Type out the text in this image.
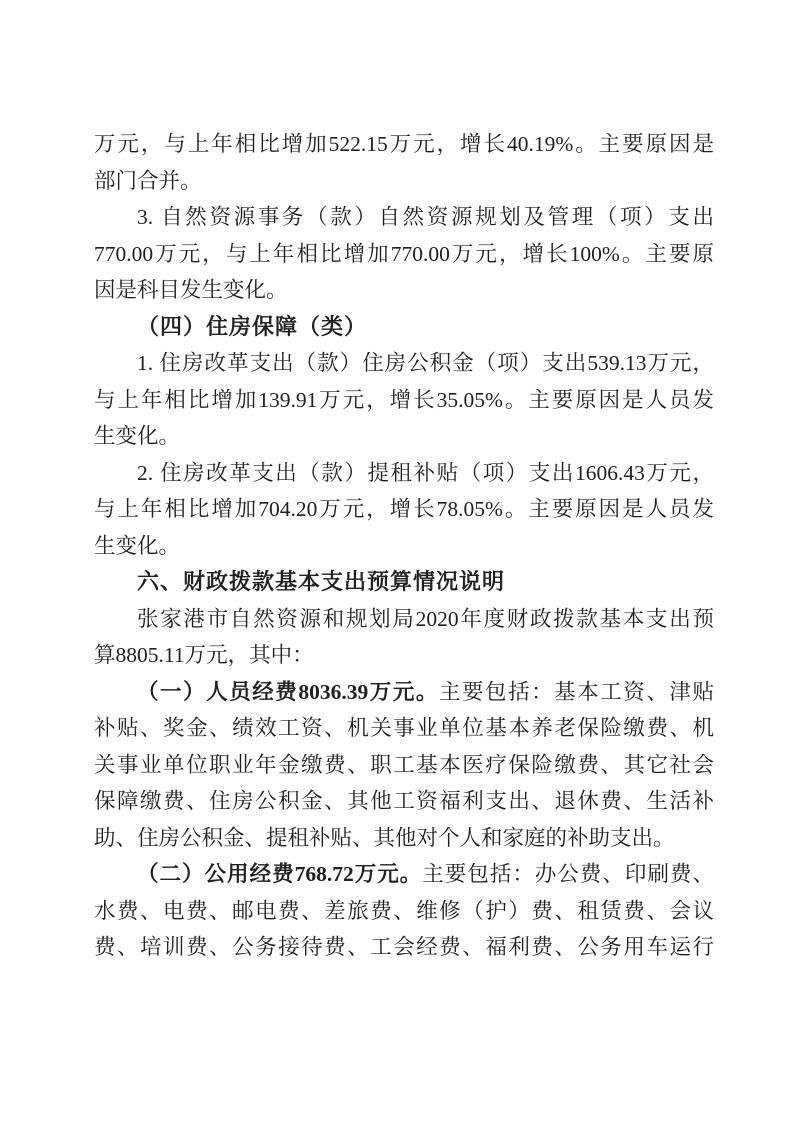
万元，与上年相比增加522.15万元，增长40.19%。主要原因是
部门合并。
3. 自然资源事务（款）自然资源规划及管理（项）支出
770.00万元，与上年相比增加770.00万元，增长100%。主要原
因是科目发生变化。
（四）住房保障（类）
1. 住房改革支出（款）住房公积金（项）支出539.13万元，
与上年相比增加139.91万元，增长35.05%。主要原因是人员发
生变化。
2. 住房改革支出（款）提租补贴（项）支出1606.43万元，
与上年相比增加704.20万元，增长78.05%。主要原因是人员发
生变化。
六、财政拨款基本支出预算情况说明
张家港市自然资源和规划局2020年度财政拨款基本支出预
算8805.11万元，其中：
（一）人员经费8036.39万元。主要包括：基本工资、津贴
补贴、奖金、绩效工资、机关事业单位基本养老保险缴费、机
关事业单位职业年金缴费、职工基本医疗保险缴费、其它社会
保障缴费、住房公积金、其他工资福利支出、退休费、生活补
助、住房公积金、提租补贴、其他对个人和家庭的补助支出。
（二）公用经费768.72万元。主要包括：办公费、印刷费、
水费、电费、邮电费、差旅费、维修（护）费、租赁费、会议
费、培训费、公务接待费、工会经费、福利费、公务用车运行
